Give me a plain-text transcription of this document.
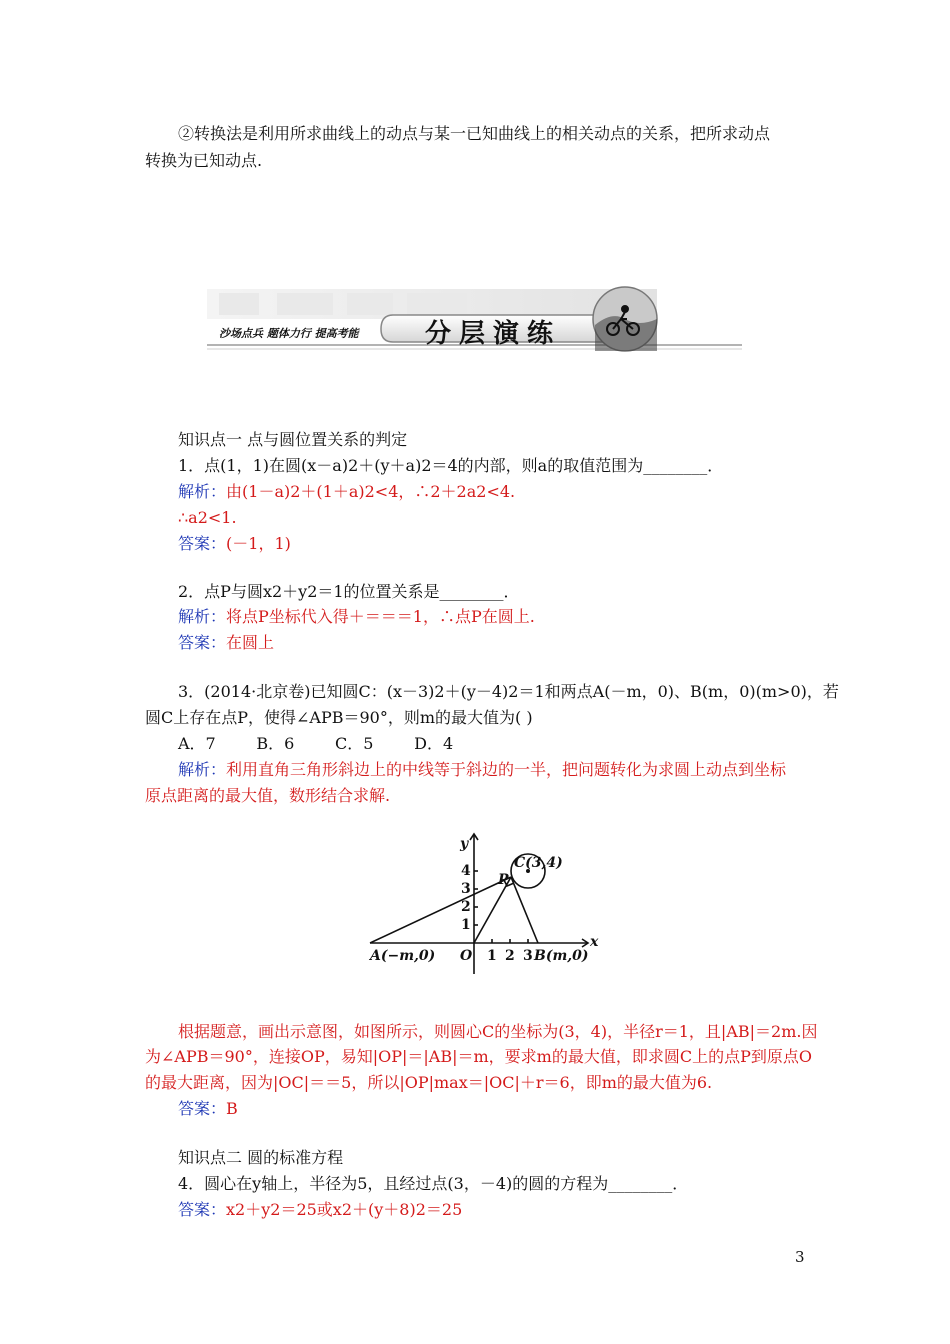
②转换法是利用所求曲线上的动点与某一已知曲线上的相关动点的关系，把所求动点
转换为已知动点.
沙场点兵 题体力行 提高考能	分层演练
知识点一 点与圆位置关系的判定
1．点(1，1)在圆(x－a)2＋(y＋a)2＝4的内部，则a的取值范围为________．
解析：由(1－a)2＋(1＋a)2<4，∴2＋2a2<4.
∴a2<1.
答案：(－1，1)
2．点P与圆x2＋y2＝1的位置关系是________．
解析：将点P坐标代入得＋＝＝＝1，∴点P在圆上.
答案：在圆上
3．(2014·北京卷)已知圆C：(x－3)2＋(y－4)2＝1和两点A(－m，0)、B(m，0)(m>0)，若
圆C上存在点P，使得∠APB＝90°，则m的最大值为( )
A．7        B．6        C．5        D．4
解析：利用直角三角形斜边上的中线等于斜边的一半，把问题转化为求圆上动点到坐标
原点距离的最大值，数形结合求解.
y
x
4
3
2
1
1 2 3
O
C(3,4)
P
A(−m,0)	B(m,0)
根据题意，画出示意图，如图所示，则圆心C的坐标为(3，4)，半径r＝1，且|AB|＝2m.因
为∠APB＝90°，连接OP，易知|OP|＝|AB|＝m，要求m的最大值，即求圆C上的点P到原点O
的最大距离，因为|OC|＝＝5，所以|OP|max＝|OC|＋r＝6，即m的最大值为6.
答案：B
知识点二 圆的标准方程
4．圆心在y轴上，半径为5，且经过点(3，－4)的圆的方程为________．
答案：x2＋y2＝25或x2＋(y＋8)2＝25
3
